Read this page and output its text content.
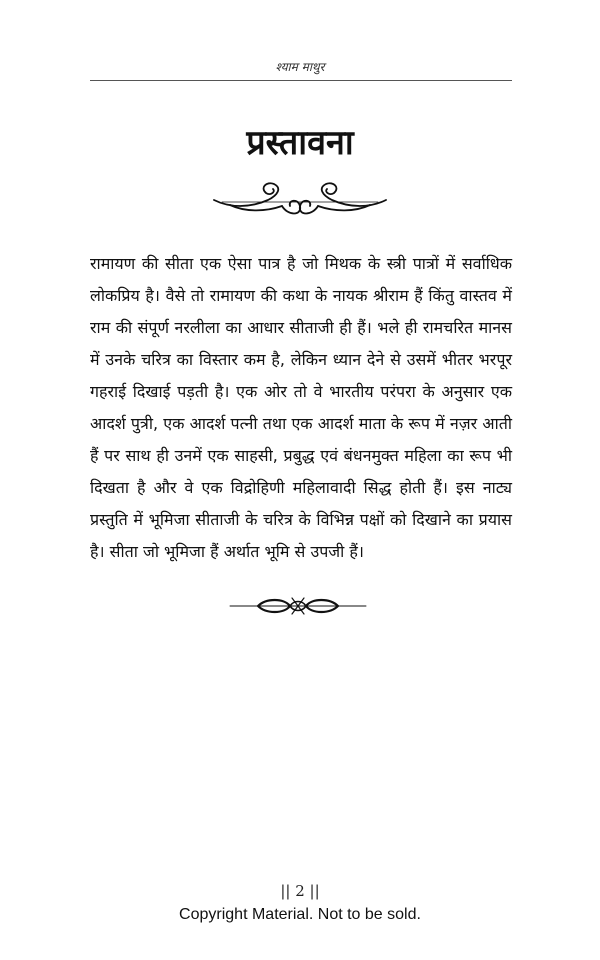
श्याम माथुर
प्रस्तावना

रामायण की सीता एक ऐसा पात्र है जो मिथक के स्त्री पात्रों में सर्वाधिक लोकप्रिय है। वैसे तो रामायण की कथा के नायक श्रीराम हैं किंतु वास्तव में राम की संपूर्ण नरलीला का आधार सीताजी ही हैं। भले ही रामचरित मानस में उनके चरित्र का विस्तार कम है, लेकिन ध्यान देने से उसमें भीतर भरपूर गहराई दिखाई पड़ती है। एक ओर तो वे भारतीय परंपरा के अनुसार एक आदर्श पुत्री, एक आदर्श पत्नी तथा एक आदर्श माता के रूप में नज़र आती हैं पर साथ ही उनमें एक साहसी, प्रबुद्ध एवं बंधनमुक्त महिला का रूप भी दिखता है और वे एक विद्रोहिणी महिलावादी सिद्ध होती हैं। इस नाट्य प्रस्तुति में भूमिजा सीताजी के चरित्र के विभिन्न पक्षों को दिखाने का प्रयास है। सीता जो भूमिजा हैं अर्थात भूमि से उपजी हैं।

|| 2 ||
Copyright Material. Not to be sold.
